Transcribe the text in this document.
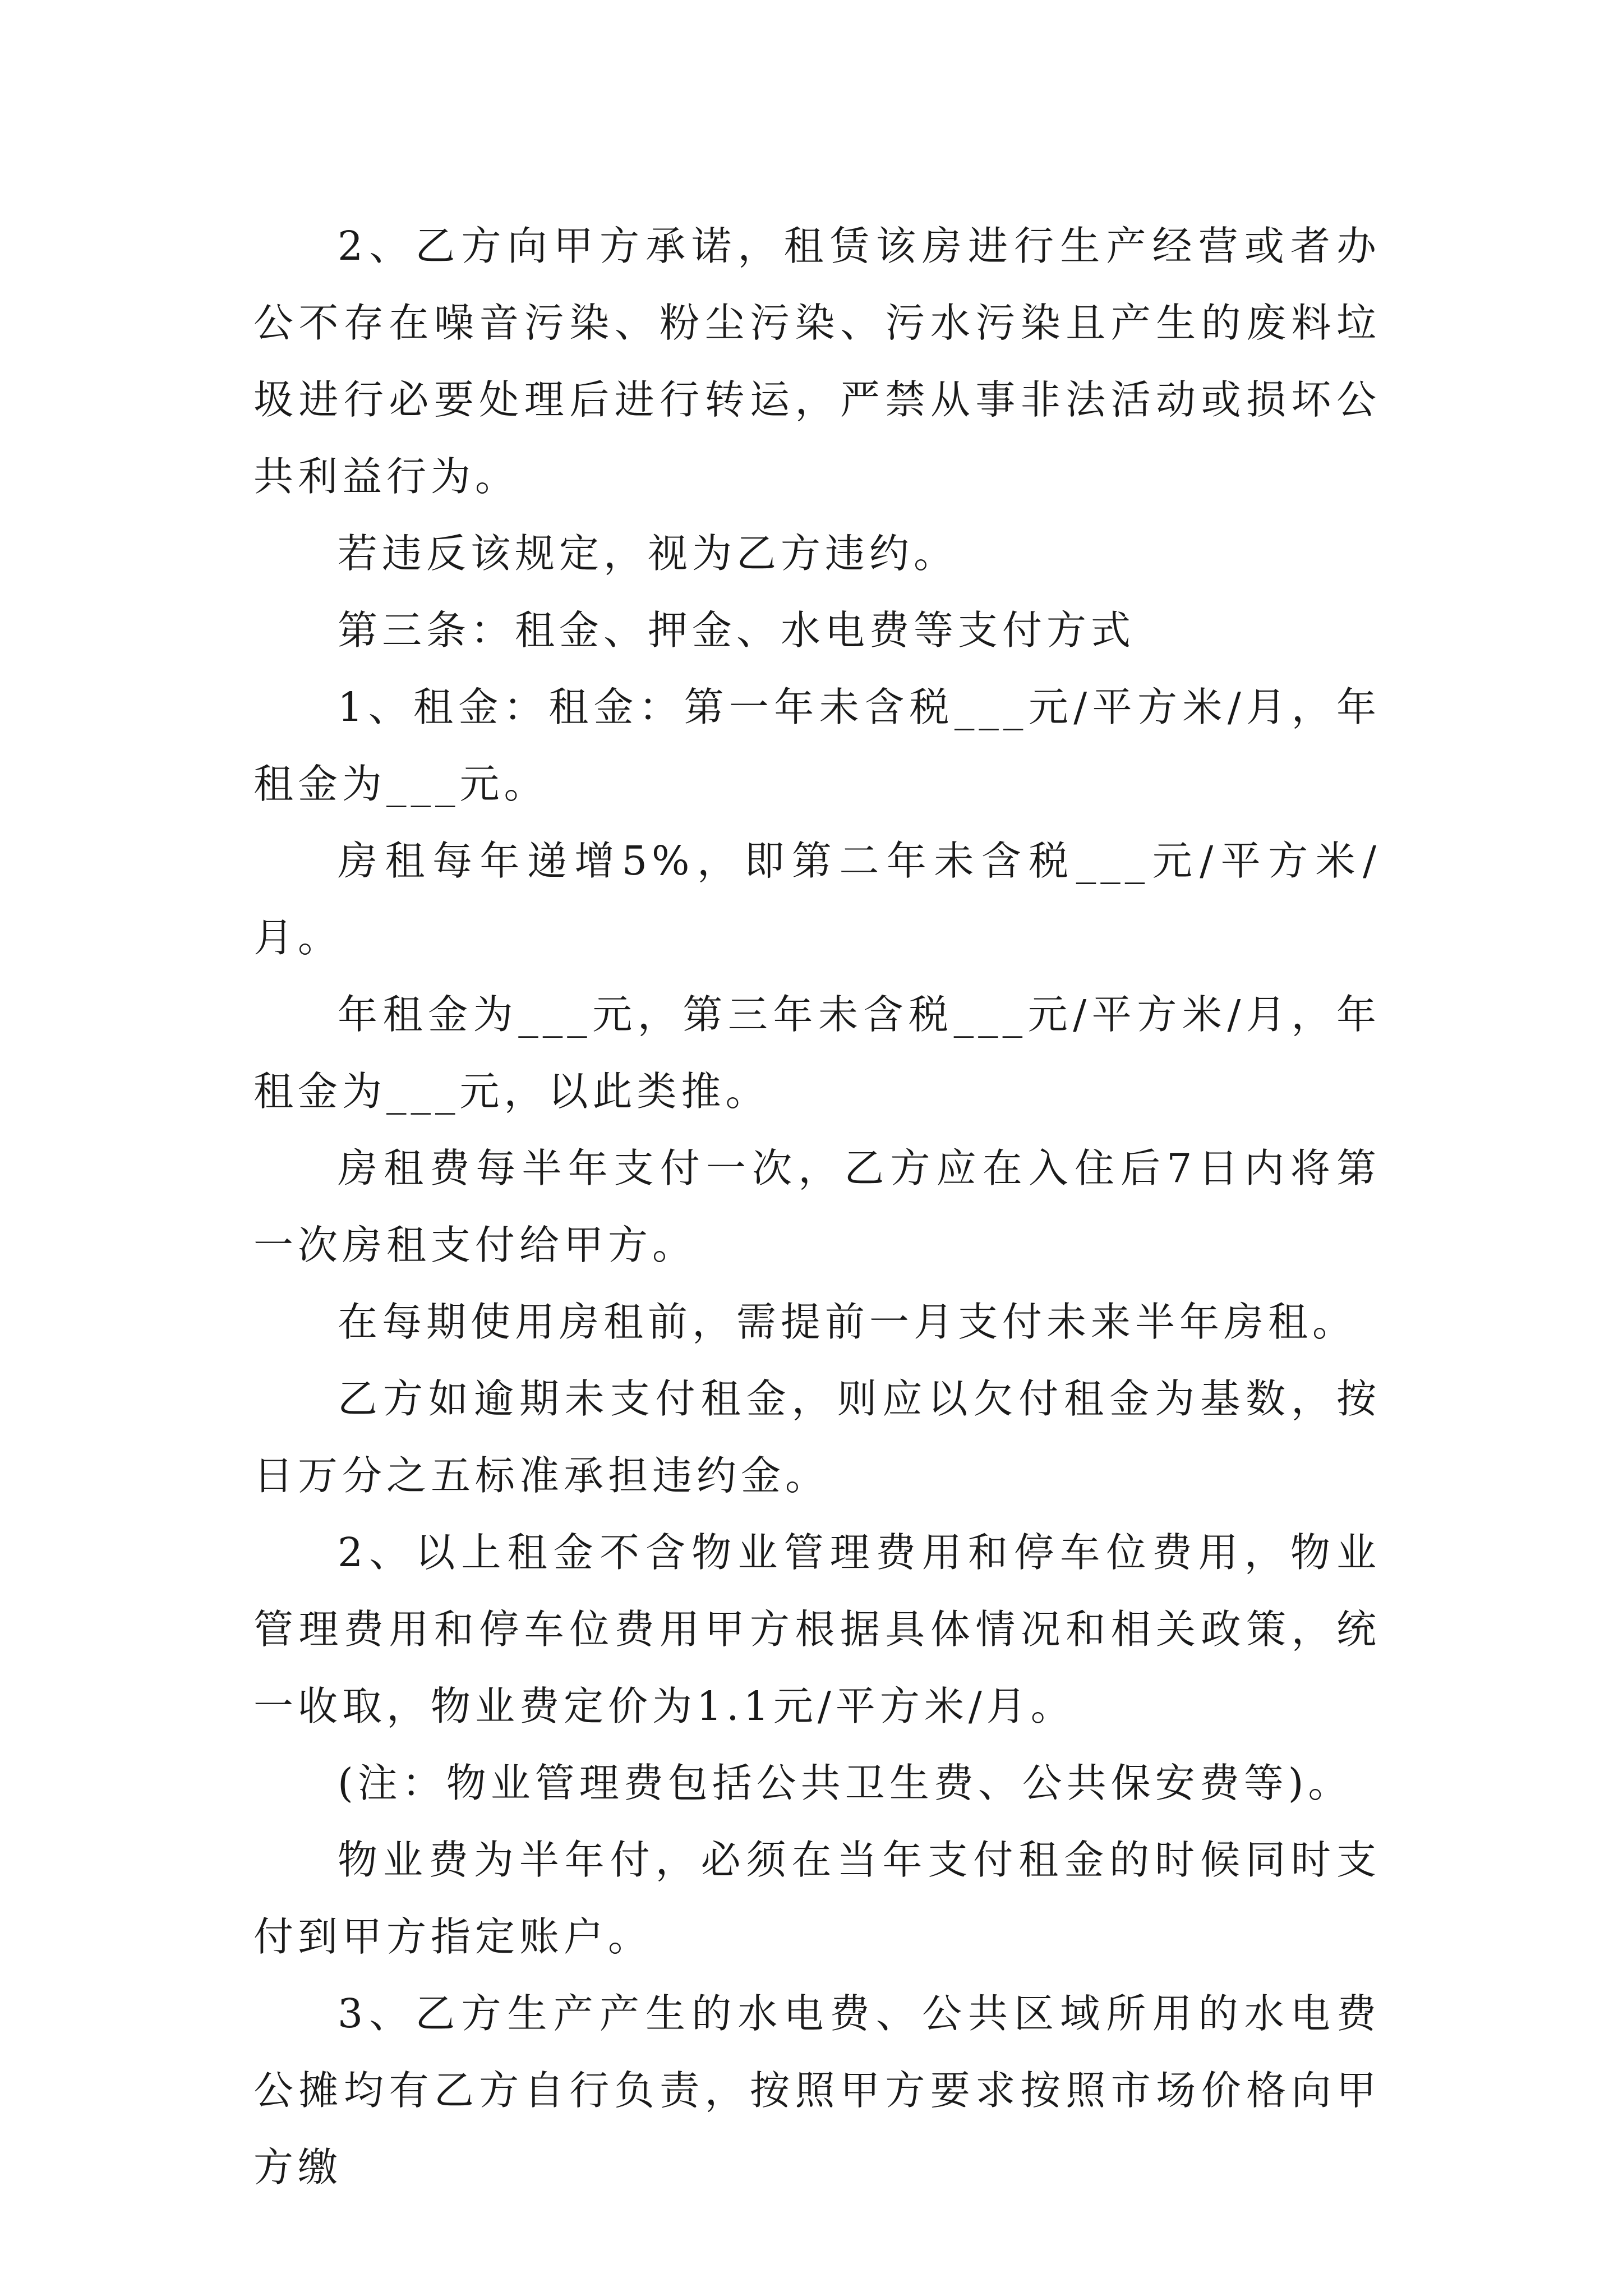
2、乙方向甲方承诺，租赁该房进行生产经营或者办公不存在噪音污染、粉尘污染、污水污染且产生的废料垃圾进行必要处理后进行转运，严禁从事非法活动或损坏公共利益行为。

若违反该规定，视为乙方违约。

第三条：租金、押金、水电费等支付方式

1、租金：租金：第一年未含税___元/平方米/月，年租金为___元。

房租每年递增5%，即第二年未含税___元/平方米/月。

年租金为___元，第三年未含税___元/平方米/月，年租金为___元，以此类推。

房租费每半年支付一次，乙方应在入住后7日内将第一次房租支付给甲方。

在每期使用房租前，需提前一月支付未来半年房租。

乙方如逾期未支付租金，则应以欠付租金为基数，按日万分之五标准承担违约金。

2、以上租金不含物业管理费用和停车位费用，物业管理费用和停车位费用甲方根据具体情况和相关政策，统一收取，物业费定价为1.1元/平方米/月。

(注：物业管理费包括公共卫生费、公共保安费等)。

物业费为半年付，必须在当年支付租金的时候同时支付到甲方指定账户。

3、乙方生产产生的水电费、公共区域所用的水电费公摊均有乙方自行负责，按照甲方要求按照市场价格向甲方缴
